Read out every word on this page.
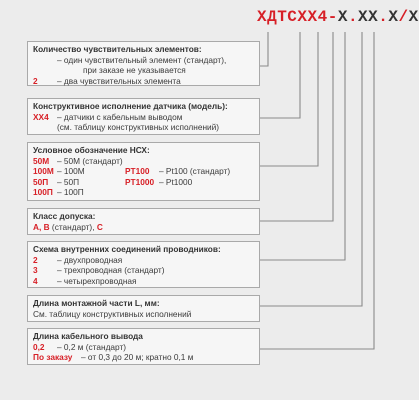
ХДТСХХ4-Х.ХХ.Х/Х
Количество чувствительных элементов:
– один чувствительный элемент (стандарт),
при заказе не указывается
2 – два чувствительных элемента
Конструктивное исполнение датчика (модель):
ХХ4 – датчики с кабельным выводом
(см. таблицу конструктивных исполнений)
Условное обозначение НСХ:
50М – 50М (стандарт)
100М – 100М	PT100 – Pt100 (стандарт)
50П – 50П	PT1000 – Pt1000
100П – 100П
Класс допуска:
А, В (стандарт), С
Схема внутренних соединений проводников:
2 – двухпроводная
3 – трехпроводная (стандарт)
4 – четырехпроводная
Длина монтажной части L, мм:
См. таблицу конструктивных исполнений
Длина кабельного вывода
0,2 – 0,2 м (стандарт)
По заказу – от 0,3 до 20 м; кратно 0,1 м
